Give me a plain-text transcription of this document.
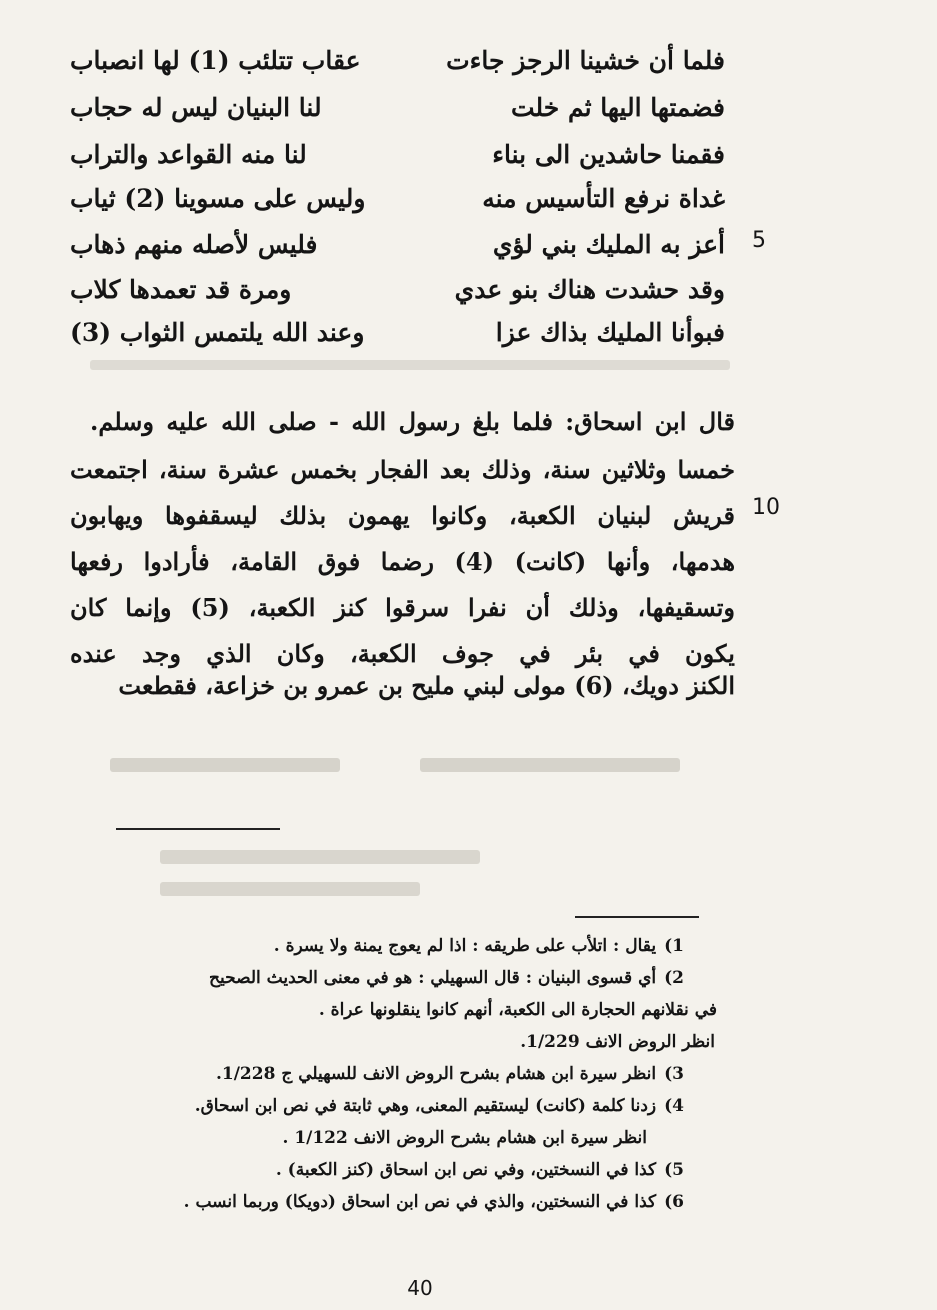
فلما أن خشينا الرجز جاءت
عقاب تتلئب (1) لها انصباب
فضمتها اليها ثم خلت
لنا البنيان ليس له حجاب
فقمنا حاشدين الى بناء
لنا منه القواعد والتراب
غداة نرفع التأسيس منه
وليس على مسوينا (2) ثياب
أعز به المليك بني لؤي
فليس لأصله منهم ذهاب
وقد حشدت هناك بنو عدي
ومرة قد تعمدها كلاب
فبوأنا المليك بذاك عزا
وعند الله يلتمس الثواب (3)
5
قال ابن اسحاق: فلما بلغ رسول الله - صلى الله عليه وسلم.
خمسا وثلاثين سنة، وذلك بعد الفجار بخمس عشرة سنة، اجتمعت
قريش لبنيان الكعبة، وكانوا يهمون بذلك ليسقفوها ويهابون
هدمها، وأنها (كانت) (4) رضما فوق القامة، فأرادوا رفعها
وتسقيفها، وذلك أن نفرا سرقوا كنز الكعبة، (5) وإنما كان
يكون في بئر في جوف الكعبة، وكان الذي وجد عنده
الكنز دويك، (6) مولى لبني مليح بن عمرو بن خزاعة، فقطعت
10
1)يقال : اتلأب على طريقه : اذا لم يعوج يمنة ولا يسرة .
2)أي قسوى البنيان : قال السهيلي : هو في معنى الحديث الصحيح
في نقلانهم الحجارة الى الكعبة، أنهم كانوا ينقلونها عراة .
انظر الروض الانف 1/229.
3)انظر سيرة ابن هشام بشرح الروض الانف للسهيلي ج 1/228.
4)زدنا كلمة (كانت) ليستقيم المعنى، وهي ثابتة في نص ابن اسحاق.
انظر سيرة ابن هشام بشرح الروض الانف 1/122 .
5)كذا في النسختين، وفي نص ابن اسحاق (كنز الكعبة) .
6)كذا في النسختين، والذي في نص ابن اسحاق (دويكا) وربما انسب .
40
